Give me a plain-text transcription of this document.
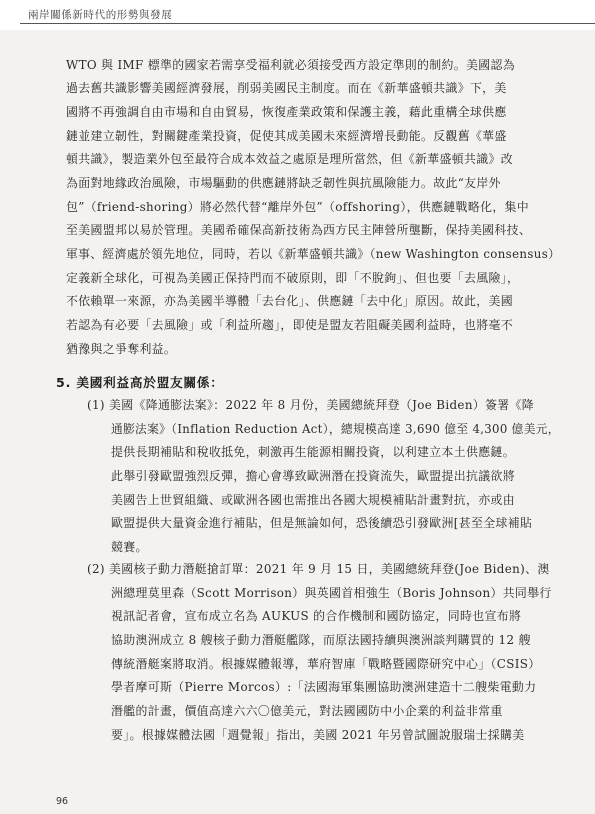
兩岸關係新時代的形勢與發展
WTO 與 IMF 標準的國家若需享受福利就必須接受西方設定準則的制約。美國認為
過去舊共識影響美國經濟發展，削弱美國民主制度。而在《新華盛頓共識》下，美
國將不再強調自由市場和自由貿易，恢復產業政策和保護主義，藉此重構全球供應
鏈並建立韌性，對關鍵產業投資，促使其成美國未來經濟增長動能。反觀舊《華盛
頓共識》，製造業外包至最符合成本效益之處原是理所當然，但《新華盛頓共識》改
為面對地緣政治風險，市場驅動的供應鏈將缺乏韌性與抗風險能力。故此“友岸外
包”（friend-shoring）將必然代替“離岸外包”（offshoring），供應鏈戰略化，集中
至美國盟邦以易於管理。美國希確保高新技術為西方民主陣營所壟斷，保持美國科技、
軍事、經濟處於領先地位，同時，若以《新華盛頓共識》（new Washington consensus）
定義新全球化，可視為美國正保持門而不破原則，即「不脫鉤」、但也要「去風險」，
不依賴單一來源，亦為美國半導體「去台化」、供應鏈「去中化」原因。故此，美國
若認為有必要「去風險」或「利益所趨」，即使是盟友若阻礙美國利益時，也將毫不
猶豫與之爭奪利益。
5. 美國利益高於盟友關係：
(1) 美國《降通膨法案》：2022 年 8 月份，美國總統拜登（Joe Biden）簽署《降
通膨法案》（Inflation Reduction Act），總規模高達 3,690 億至 4,300 億美元，
提供長期補貼和稅收抵免，刺激再生能源相關投資，以利建立本土供應鏈。
此舉引發歐盟強烈反彈，擔心會導致歐洲潛在投資流失，歐盟提出抗議欲將
美國告上世貿組織、或歐洲各國也需推出各國大規模補貼計畫對抗，亦或由
歐盟提供大量資金進行補貼，但是無論如何，恐後續恐引發歐洲[甚至全球補貼
競賽。
(2) 美國核子動力潛艇搶訂單：2021 年 9 月 15 日，美國總統拜登(Joe Biden)、澳
洲總理莫里森（Scott Morrison）與英國首相強生（Boris Johnson）共同舉行
視訊記者會，宣布成立名為 AUKUS 的合作機制和國防協定，同時也宣布將
協助澳洲成立 8 艘核子動力潛艇艦隊，而原法國持續與澳洲談判購買的 12 艘
傳統潛艇案將取消。根據媒體報導，華府智庫「戰略暨國際研究中心」（CSIS）
學者摩可斯（Pierre Morcos）:「法國海軍集團協助澳洲建造十二艘柴電動力
潛艦的計畫，價值高達六六〇億美元，對法國國防中小企業的利益非常重
要」。根據媒體法國「週覺報」指出，美國 2021 年另曾試圖說服瑞士採購美
96
